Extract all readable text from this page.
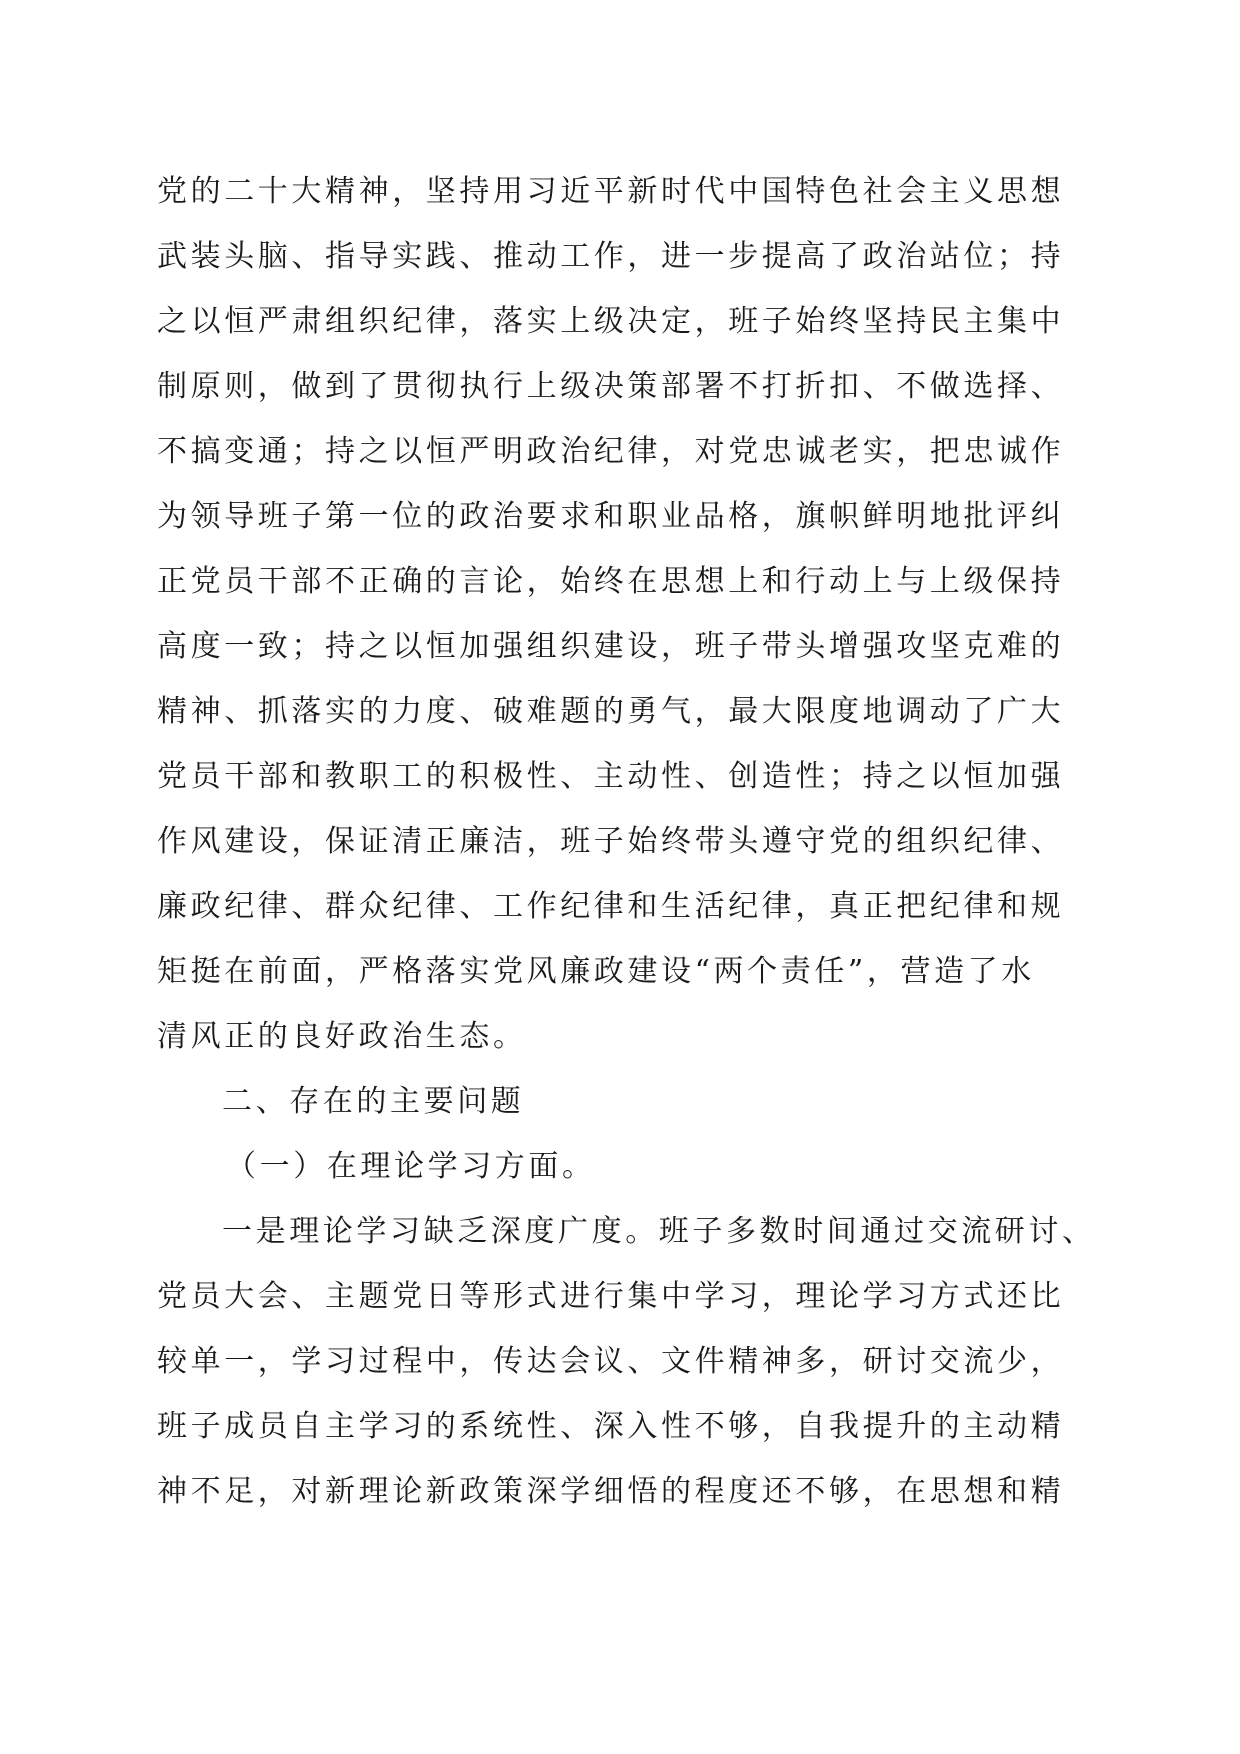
党的二十大精神，坚持用习近平新时代中国特色社会主义思想
武装头脑、指导实践、推动工作，进一步提高了政治站位；持
之以恒严肃组织纪律，落实上级决定，班子始终坚持民主集中
制原则，做到了贯彻执行上级决策部署不打折扣、不做选择、
不搞变通；持之以恒严明政治纪律，对党忠诚老实，把忠诚作
为领导班子第一位的政治要求和职业品格，旗帜鲜明地批评纠
正党员干部不正确的言论，始终在思想上和行动上与上级保持
高度一致；持之以恒加强组织建设，班子带头增强攻坚克难的
精神、抓落实的力度、破难题的勇气，最大限度地调动了广大
党员干部和教职工的积极性、主动性、创造性；持之以恒加强
作风建设，保证清正廉洁，班子始终带头遵守党的组织纪律、
廉政纪律、群众纪律、工作纪律和生活纪律，真正把纪律和规
矩挺在前面，严格落实党风廉政建设“两个责任”，营造了水
清风正的良好政治生态。
二、存在的主要问题
（一）在理论学习方面。
一是理论学习缺乏深度广度。班子多数时间通过交流研讨、
党员大会、主题党日等形式进行集中学习，理论学习方式还比
较单一，学习过程中，传达会议、文件精神多，研讨交流少，
班子成员自主学习的系统性、深入性不够，自我提升的主动精
神不足，对新理论新政策深学细悟的程度还不够，在思想和精
